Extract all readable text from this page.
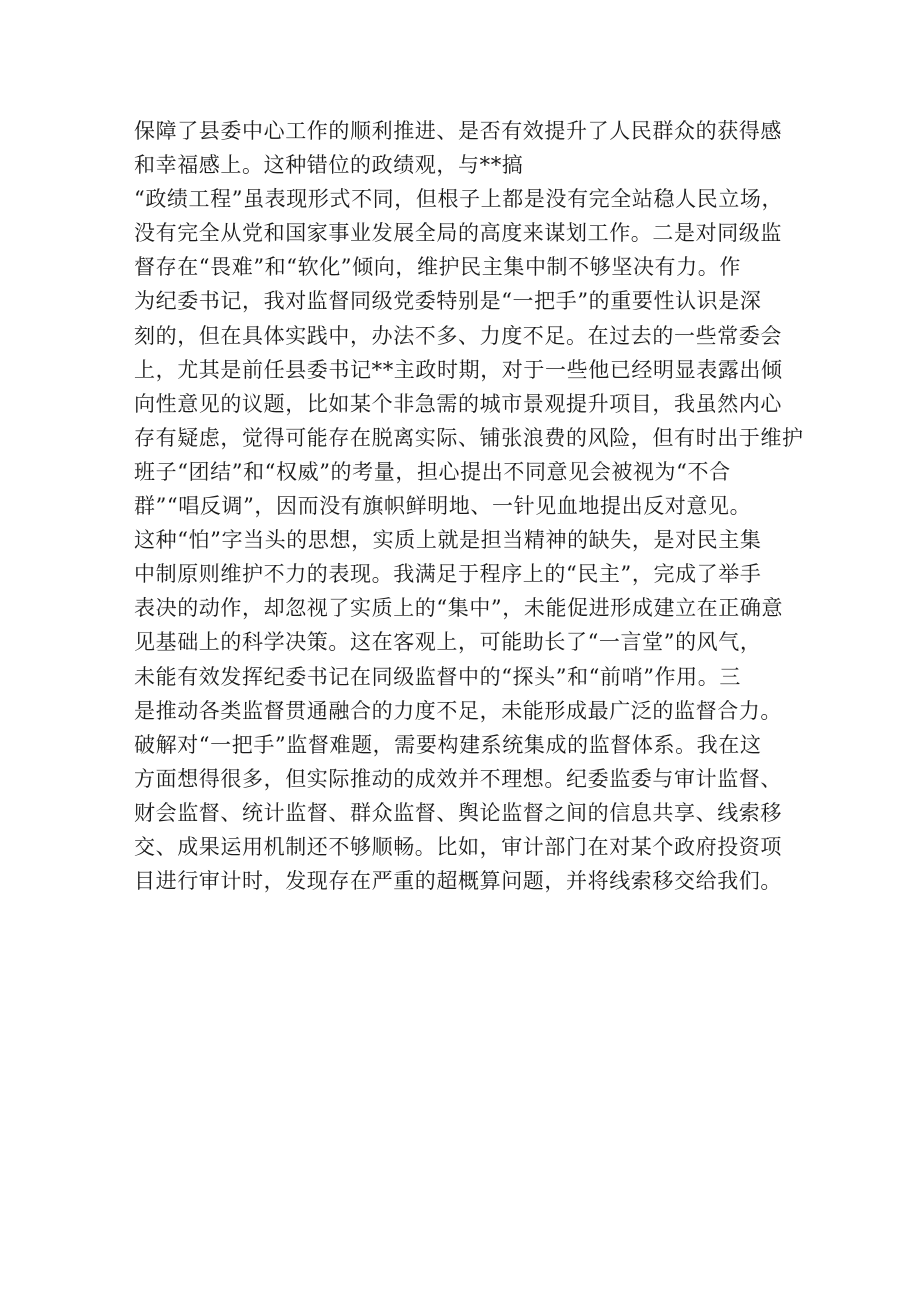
保障了县委中心工作的顺利推进、是否有效提升了人民群众的获得感
和幸福感上。这种错位的政绩观，与**搞
“政绩工程”虽表现形式不同，但根子上都是没有完全站稳人民立场，
没有完全从党和国家事业发展全局的高度来谋划工作。二是对同级监
督存在“畏难”和“软化”倾向，维护民主集中制不够坚决有力。作
为纪委书记，我对监督同级党委特别是“一把手”的重要性认识是深
刻的，但在具体实践中，办法不多、力度不足。在过去的一些常委会
上，尤其是前任县委书记**主政时期，对于一些他已经明显表露出倾
向性意见的议题，比如某个非急需的城市景观提升项目，我虽然内心
存有疑虑，觉得可能存在脱离实际、铺张浪费的风险，但有时出于维护
班子“团结”和“权威”的考量，担心提出不同意见会被视为“不合
群”“唱反调”，因而没有旗帜鲜明地、一针见血地提出反对意见。
这种“怕”字当头的思想，实质上就是担当精神的缺失，是对民主集
中制原则维护不力的表现。我满足于程序上的“民主”，完成了举手
表决的动作，却忽视了实质上的“集中”，未能促进形成建立在正确意
见基础上的科学决策。这在客观上，可能助长了“一言堂”的风气，
未能有效发挥纪委书记在同级监督中的“探头”和“前哨”作用。三
是推动各类监督贯通融合的力度不足，未能形成最广泛的监督合力。
破解对“一把手”监督难题，需要构建系统集成的监督体系。我在这
方面想得很多，但实际推动的成效并不理想。纪委监委与审计监督、
财会监督、统计监督、群众监督、舆论监督之间的信息共享、线索移
交、成果运用机制还不够顺畅。比如，审计部门在对某个政府投资项
目进行审计时，发现存在严重的超概算问题，并将线索移交给我们。
